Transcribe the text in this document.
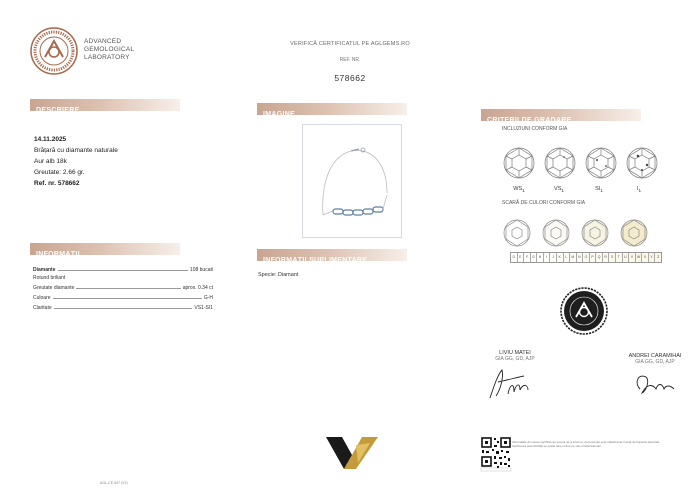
ADVANCED
GEMOLOGICAL
LABORATORY
VERIFICĂ CERTIFICATUL PE AGLGEMS.RO
REF. NR.
578662
DESCRIERE
IMAGINE
CRITERII DE GRADARE
INFORMAȚII
INFORMAȚII SUPLIMENTARE
14.11.2025
Brățară cu diamante naturale
Aur alb 18k
Greutate: 2.66 gr.
Ref. nr. 578662
INCLUZIUNI CONFORM GIA
$WS_1$	$VS_1$	$SI_1$	$I_1$
SCARĂ DE CULORI CONFORM GIA
D	E	F	G	H	I	J	K	L	M	N	O	P	Q	R	S	T	U	V	W	X	Y	Z
Diamante	108 bucati
Rotund briliant
Greutate diamante	aprox. 0.34 ct
Culoare	G-H
Claritate	VS1-SI1
Specie: Diamant
LIVIU MATEI
GIA GG, GD, AJP	ANDREI CARAMIHAI
GIA GG, GD, AJP
Informațiile din acest certificat au scopul de a informa; documentul este valabil doar însoțit de bijuteria descrisă. Verificarea autenticității se poate face online pe site-ul laboratorului.
AGL-CE-547 (V2)
